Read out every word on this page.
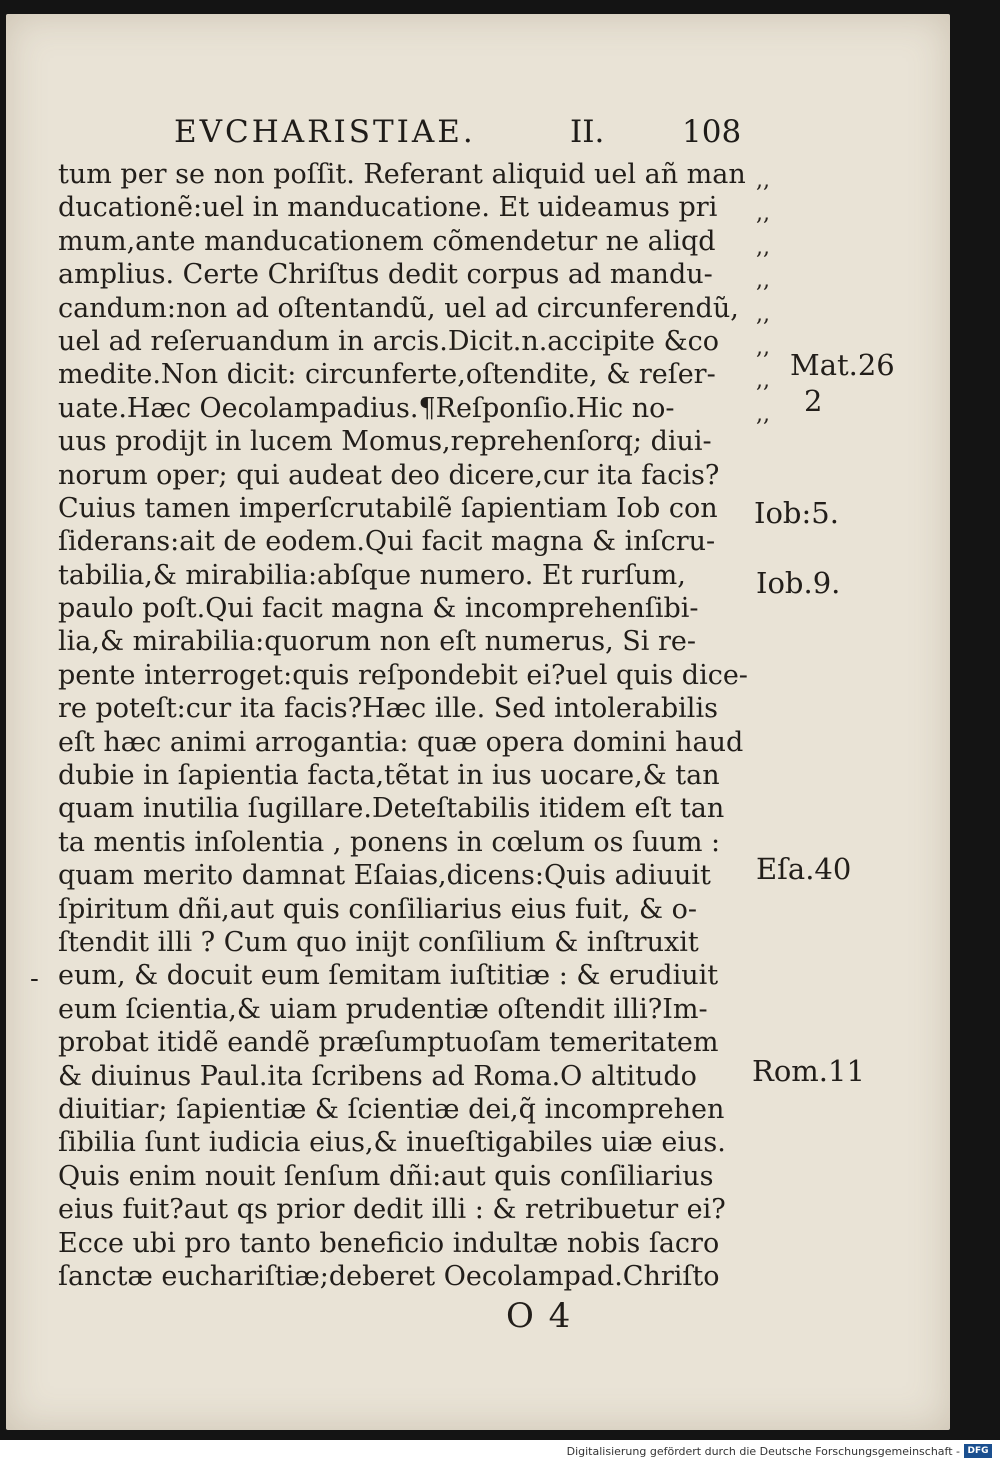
EVCHARISTIAE.	II.	108
tum per se non poſſit. Referant aliquid uel añ man
ducationẽ:uel in manducatione. Et uideamus pri
mum,ante manducationem cõmendetur ne aliqd
amplius. Certe Chriſtus dedit corpus ad mandu-
candum:non ad oſtentandũ, uel ad circunferendũ,
uel ad reſeruandum in arcis.Dicit.n.accipite &co
medite.Non dicit: circunferte,oſtendite, & reſer-
uate.Hæc Oecolampadius.¶Reſponſio.Hic no-
uus prodijt in lucem Momus,reprehenſorq; diui-
norum oper; qui audeat deo dicere,cur ita facis?
Cuius tamen imperſcrutabilẽ ſapientiam Iob con
ſiderans:ait de eodem.Qui facit magna & inſcru-
tabilia,& mirabilia:abſque numero. Et rurſum,
paulo poſt.Qui facit magna & incomprehenſibi-
lia,& mirabilia:quorum non eſt numerus, Si re-
pente interroget:quis reſpondebit ei?uel quis dice-
re poteſt:cur ita facis?Hæc ille. Sed intolerabilis
eſt hæc animi arrogantia: quæ opera domini haud
dubie in ſapientia facta,tẽtat in ius uocare,& tan
quam inutilia ſugillare.Deteſtabilis itidem eſt tan
ta mentis inſolentia , ponens in cœlum os ſuum :
quam merito damnat Eſaias,dicens:Quis adiuuit
ſpiritum dñi,aut quis conſiliarius eius fuit, & o-
ſtendit illi ? Cum quo inijt conſilium & inſtruxit
eum, & docuit eum ſemitam iuſtitiæ : & erudiuit
eum ſcientia,& uiam prudentiæ oſtendit illi?Im-
probat itidẽ eandẽ præſumptuoſam temeritatem
& diuinus Paul.ita ſcribens ad Roma.O altitudo
diuitiar; ſapientiæ & ſcientiæ dei,q̃ incomprehen
ſibilia ſunt iudicia eius,& inueſtigabiles uiæ eius.
Quis enim nouit ſenſum dñi:aut quis conſiliarius
eius fuit?aut qs prior dedit illi : & retribuetur ei?
Ecce ubi pro tanto beneficio indultæ nobis ſacro
ſanctæ euchariſtiæ;deberet Oecolampad.Chriſto
,,
,,
,,
,,
,,
,,
,,
,,
Mat.26
2
Iob:5.
Iob.9.
Eſa.40
Rom.11
-
O 4
Digitalisierung gefördert durch die Deutsche Forschungsgemeinschaft - DFG
